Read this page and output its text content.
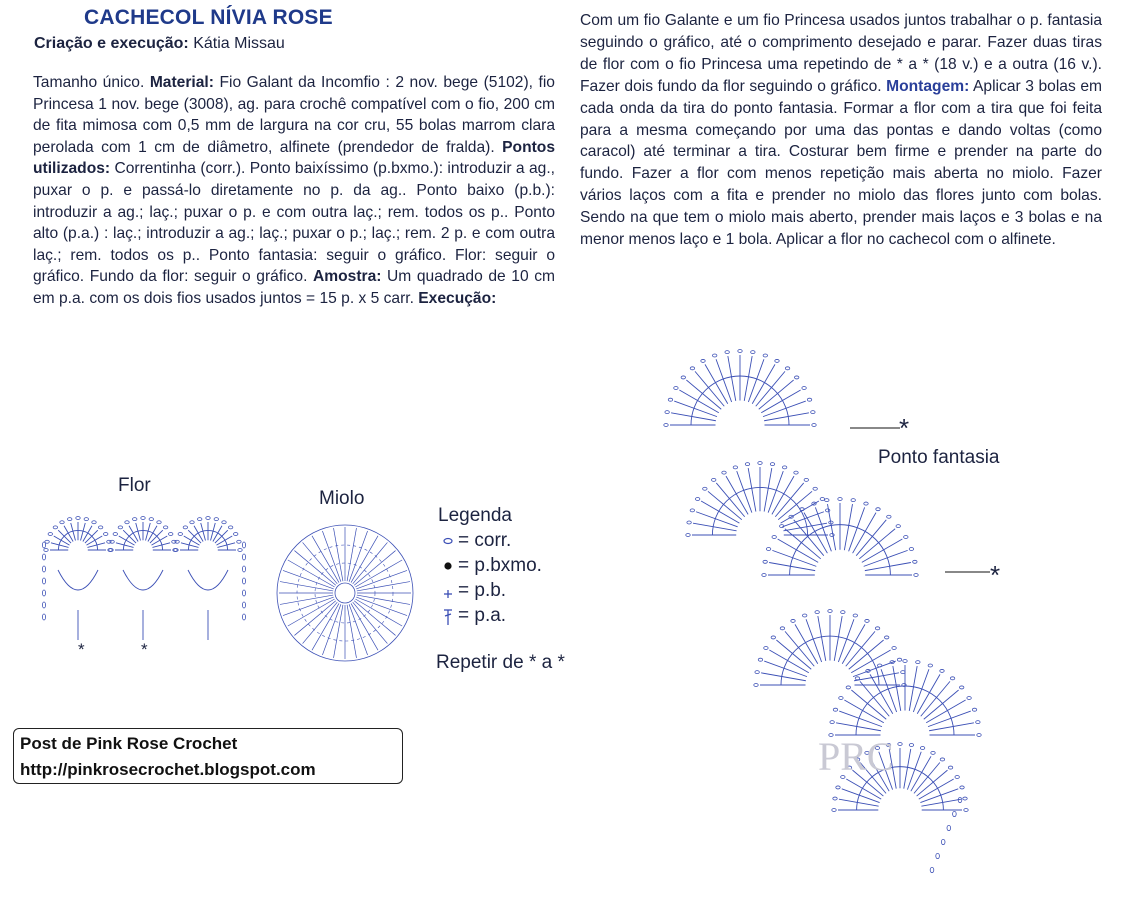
CACHECOL NÍVIA ROSE
Criação e execução: Kátia Missau

Tamanho único. Material: Fio Galant da Incomfio : 2 nov. bege (5102), fio Princesa 1 nov. bege (3008), ag. para crochê compatível com o fio, 200 cm de fita mimosa com 0,5 mm de largura na cor cru, 55 bolas marrom clara perolada com 1 cm de diâmetro, alfinete (prendedor de fralda). Pontos utilizados: Correntinha (corr.). Ponto baixíssimo (p.bxmo.): introduzir a ag., puxar o p. e passá-lo diretamente no p. da ag.. Ponto baixo (p.b.): introduzir a ag.; laç.; puxar o p. e com outra laç.; rem. todos os p.. Ponto alto (p.a.) : laç.; introduzir a ag.; laç.; puxar o p.; laç.; rem. 2 p. e com outra laç.; rem. todos os p.. Ponto fantasia: seguir o gráfico. Flor: seguir o gráfico. Fundo da flor: seguir o gráfico. Amostra: Um quadrado de 10 cm em p.a. com os dois fios usados juntos = 15 p. x 5 carr. Execução:

Com um fio Galante e um fio Princesa usados juntos trabalhar o p. fantasia seguindo o gráfico, até o comprimento desejado e parar. Fazer duas tiras de flor com o fio Princesa uma repetindo de * a * (18 v.) e a outra (16 v.). Fazer dois fundo da flor seguindo o gráfico. Montagem: Aplicar 3 bolas em cada onda da tira do ponto fantasia. Formar a flor com a tira que foi feita para a mesma começando por uma das pontas e dando voltas (como caracol) até terminar a tira. Costurar bem firme e prender na parte do fundo. Fazer a flor com menos repetição mais aberta no miolo. Fazer vários laços com a fita e prender no miolo das flores junto com bolas. Sendo na que tem o miolo mais aberto, prender mais laços e 3 bolas e na menor menos laço e 1 bola. Aplicar a flor no cachecol com o alfinete.

Flor
*	*
Miolo
Legenda
= corr.
= p.bxmo.
= p.b.
= p.a.
Repetir de * a *
Ponto fantasia
*
*
PRC
Post de Pink Rose Crochet
http://pinkrosecrochet.blogspot.com
